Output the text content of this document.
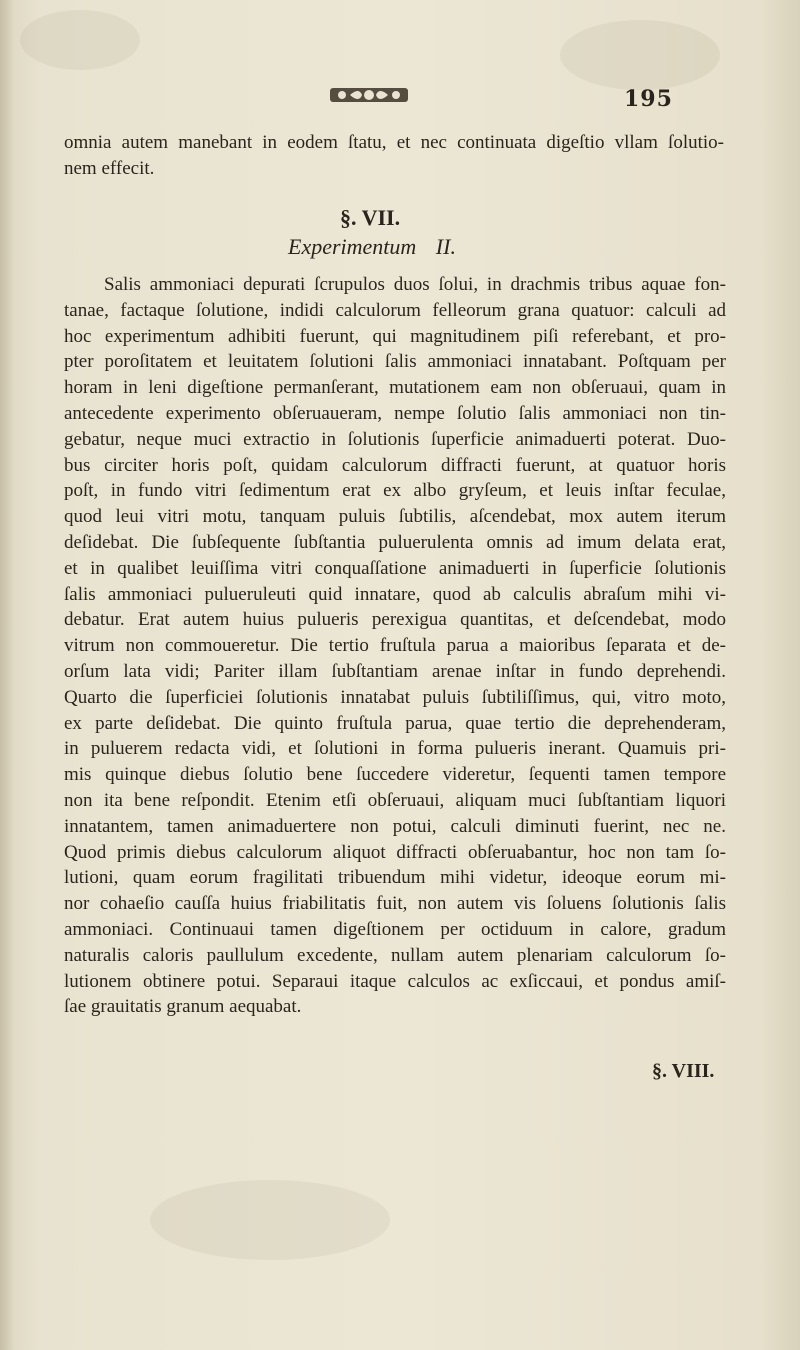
195
omnia autem manebant in eodem ſtatu, et nec continuata digeſtio vllam ſolutio-
nem effecit.
§. VII.
Experimentum II.
Salis ammoniaci depurati ſcrupulos duos ſolui, in drachmis tribus aquae fon-
tanae, factaque ſolutione, indidi calculorum felleorum grana quatuor: calculi ad
hoc experimentum adhibiti fuerunt, qui magnitudinem piſi referebant, et pro-
pter poroſitatem et leuitatem ſolutioni ſalis ammoniaci innatabant. Poſtquam per
horam in leni digeſtione permanſerant, mutationem eam non obſeruaui, quam in
antecedente experimento obſeruaueram, nempe ſolutio ſalis ammoniaci non tin-
gebatur, neque muci extractio in ſolutionis ſuperficie animaduerti poterat. Duo-
bus circiter horis poſt, quidam calculorum diffracti fuerunt, at quatuor horis
poſt, in fundo vitri ſedimentum erat ex albo gryſeum, et leuis inſtar feculae,
quod leui vitri motu, tanquam puluis ſubtilis, aſcendebat, mox autem iterum
deſidebat. Die ſubſequente ſubſtantia puluerulenta omnis ad imum delata erat,
et in qualibet leuiſſima vitri conquaſſatione animaduerti in ſuperficie ſolutionis
ſalis ammoniaci pulueruleuti quid innatare, quod ab calculis abraſum mihi vi-
debatur. Erat autem huius pulueris perexigua quantitas, et deſcendebat, modo
vitrum non commoueretur. Die tertio fruſtula parua a maioribus ſeparata et de-
orſum lata vidi; Pariter illam ſubſtantiam arenae inſtar in fundo deprehendi.
Quarto die ſuperficiei ſolutionis innatabat puluis ſubtiliſſimus, qui, vitro moto,
ex parte deſidebat. Die quinto fruſtula parua, quae tertio die deprehenderam,
in puluerem redacta vidi, et ſolutioni in forma pulueris inerant. Quamuis pri-
mis quinque diebus ſolutio bene ſuccedere videretur, ſequenti tamen tempore
non ita bene reſpondit. Etenim etſi obſeruaui, aliquam muci ſubſtantiam liquori
innatantem, tamen animaduertere non potui, calculi diminuti fuerint, nec ne.
Quod primis diebus calculorum aliquot diffracti obſeruabantur, hoc non tam ſo-
lutioni, quam eorum fragilitati tribuendum mihi videtur, ideoque eorum mi-
nor cohaeſio cauſſa huius friabilitatis fuit, non autem vis ſoluens ſolutionis ſalis
ammoniaci. Continuaui tamen digeſtionem per octiduum in calore, gradum
naturalis caloris paullulum excedente, nullam autem plenariam calculorum ſo-
lutionem obtinere potui. Separaui itaque calculos ac exſiccaui, et pondus amiſ-
ſae grauitatis granum aequabat.
§. VIII.
